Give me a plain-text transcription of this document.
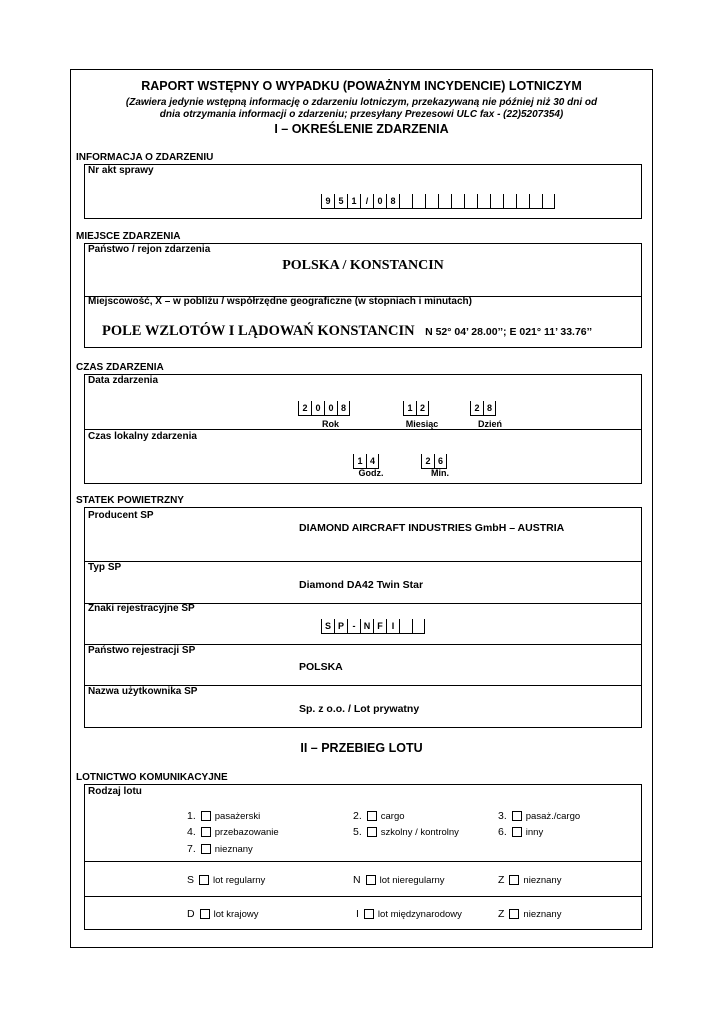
RAPORT WSTĘPNY O WYPADKU (POWAŻNYM INCYDENCIE) LOTNICZYM
(Zawiera jedynie wstępną informację o zdarzeniu lotniczym, przekazywaną nie później niż 30 dni od
dnia otrzymania informacji o zdarzeniu; przesyłany Prezesowi ULC fax - (22)5207354)
I – OKREŚLENIE ZDARZENIA
INFORMACJA O ZDARZENIU
Nr akt sprawy
9 5 1	/	0 8
MIEJSCE ZDARZENIA
Państwo / rejon zdarzenia
POLSKA / KONSTANCIN
Miejscowość, X – w pobliżu / współrzędne geograficzne (w stopniach i minutach)
POLE WZLOTÓW I LĄDOWAŃ KONSTANCIN N 52° 04’ 28.00’’; E 021° 11’ 33.76’’
CZAS ZDARZENIA
Data zdarzenia
2 0 0 8	1 2	2 8
Rok	Miesiąc	Dzień
Czas lokalny zdarzenia
1 4	2 6
Godz.	Min.
STATEK POWIETRZNY
Producent SP
DIAMOND AIRCRAFT INDUSTRIES GmbH – AUSTRIA
Typ SP
Diamond DA42 Twin Star
Znaki rejestracyjne SP
S P - N F I
Państwo rejestracji SP
POLSKA
Nazwa użytkownika SP
Sp. z o.o. / Lot prywatny
II – PRZEBIEG LOTU
LOTNICTWO KOMUNIKACYJNE
Rodzaj lotu
1. pasażerski	2. cargo	3. pasaż./cargo
4. przebazowanie	5. szkolny / kontrolny	6. inny
7. nieznany
S lot regularny	N lot nieregularny	Z nieznany
D lot krajowy	I lot międzynarodowy	Z nieznany
